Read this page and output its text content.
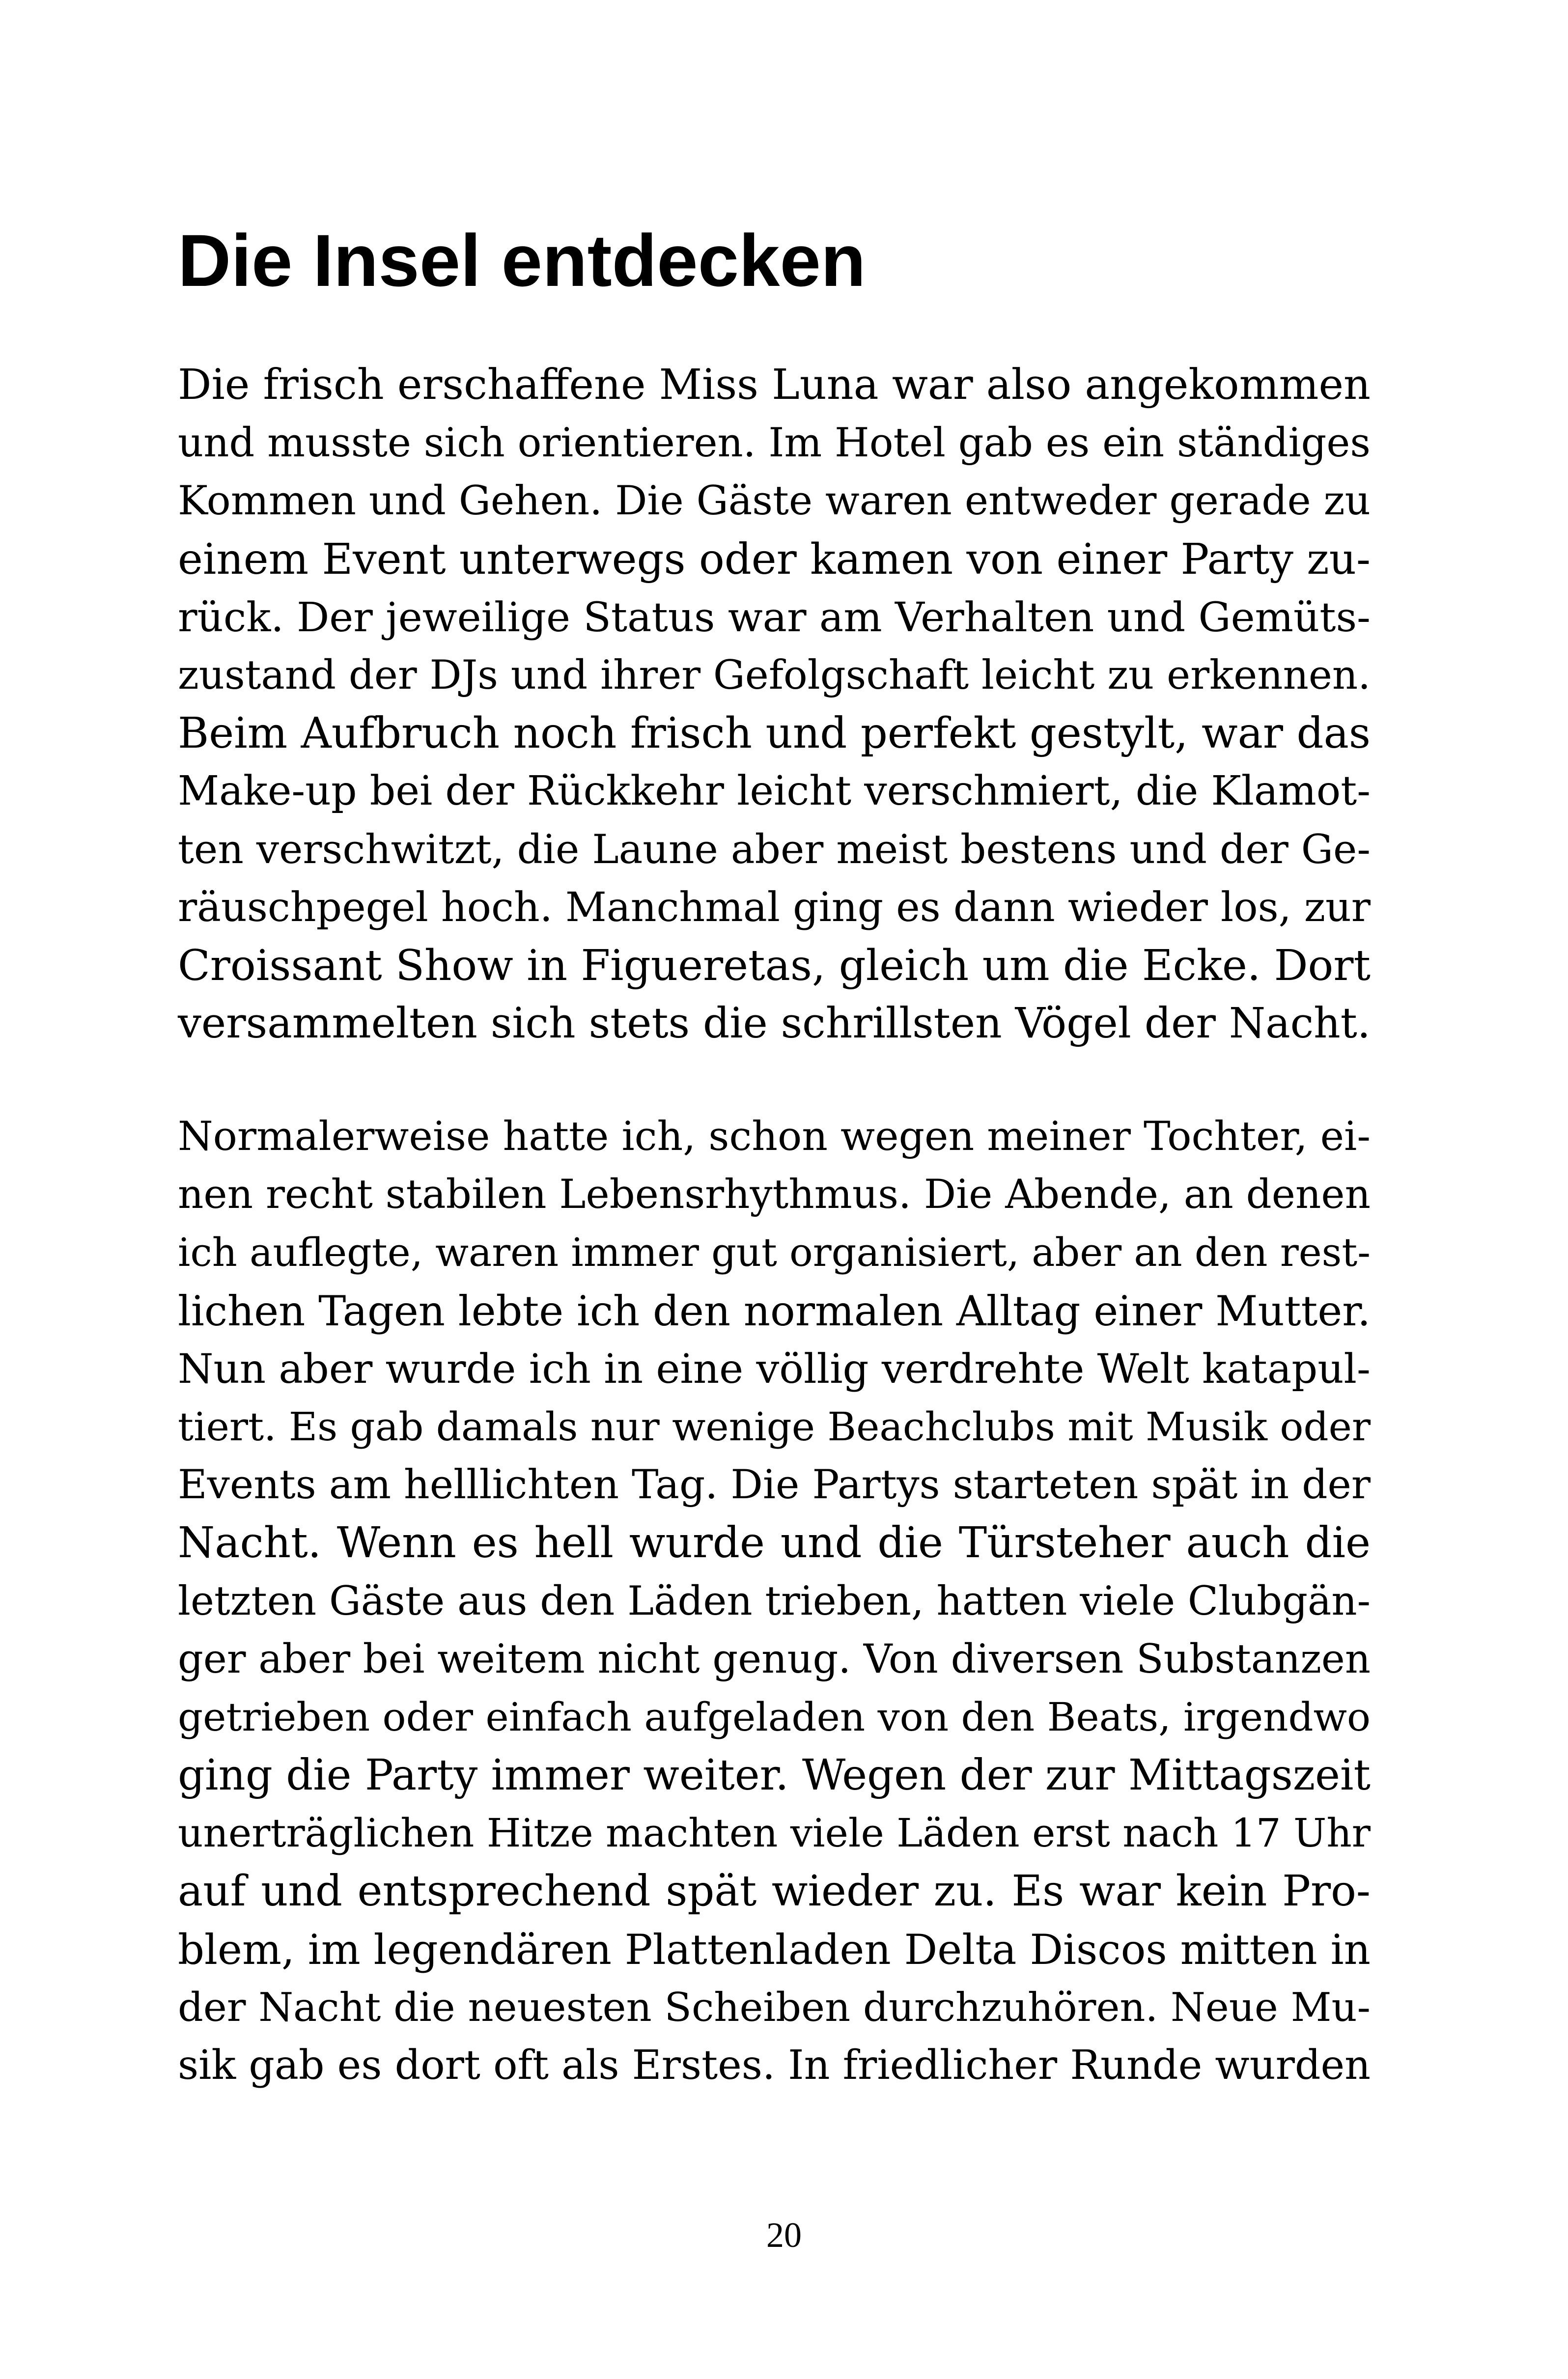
Die Insel entdecken
Die frisch erschaffene Miss Luna war also angekommen
und musste sich orientieren. Im Hotel gab es ein ständiges
Kommen und Gehen. Die Gäste waren entweder gerade zu
einem Event unterwegs oder kamen von einer Party zu-
rück. Der jeweilige Status war am Verhalten und Gemüts-
zustand der DJs und ihrer Gefolgschaft leicht zu erkennen.
Beim Aufbruch noch frisch und perfekt gestylt, war das
Make-up bei der Rückkehr leicht verschmiert, die Klamot-
ten verschwitzt, die Laune aber meist bestens und der Ge-
räuschpegel hoch. Manchmal ging es dann wieder los, zur
Croissant Show in Figueretas, gleich um die Ecke. Dort
versammelten sich stets die schrillsten Vögel der Nacht.
Normalerweise hatte ich, schon wegen meiner Tochter, ei-
nen recht stabilen Lebensrhythmus. Die Abende, an denen
ich auflegte, waren immer gut organisiert, aber an den rest-
lichen Tagen lebte ich den normalen Alltag einer Mutter.
Nun aber wurde ich in eine völlig verdrehte Welt katapul-
tiert. Es gab damals nur wenige Beachclubs mit Musik oder
Events am helllichten Tag. Die Partys starteten spät in der
Nacht. Wenn es hell wurde und die Türsteher auch die
letzten Gäste aus den Läden trieben, hatten viele Clubgän-
ger aber bei weitem nicht genug. Von diversen Substanzen
getrieben oder einfach aufgeladen von den Beats, irgendwo
ging die Party immer weiter. Wegen der zur Mittagszeit
unerträglichen Hitze machten viele Läden erst nach 17 Uhr
auf und entsprechend spät wieder zu. Es war kein Pro-
blem, im legendären Plattenladen Delta Discos mitten in
der Nacht die neuesten Scheiben durchzuhören. Neue Mu-
sik gab es dort oft als Erstes. In friedlicher Runde wurden
20
